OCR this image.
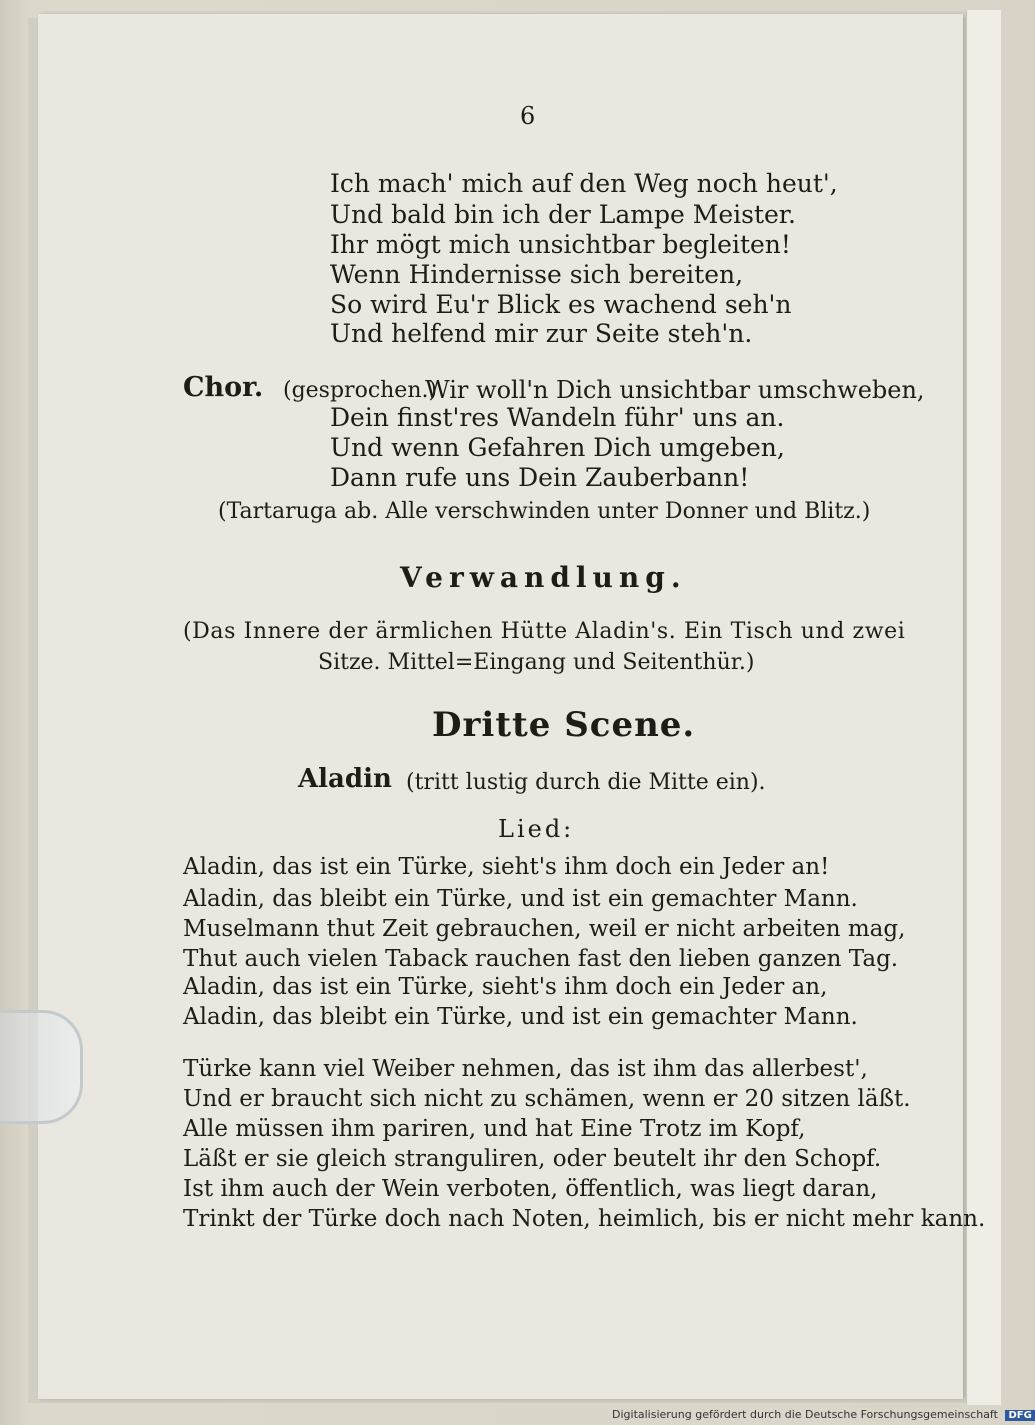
6
Ich mach' mich auf den Weg noch heut',
Und bald bin ich der Lampe Meister.
Ihr mögt mich unsichtbar begleiten!
Wenn Hindernisse sich bereiten,
So wird Eu'r Blick es wachend seh'n
Und helfend mir zur Seite steh'n.
Chor. (gesprochen.)
Wir woll'n Dich unsichtbar umschweben,
Dein finst'res Wandeln führ' uns an.
Und wenn Gefahren Dich umgeben,
Dann rufe uns Dein Zauberbann!
(Tartaruga ab. Alle verschwinden unter Donner und Blitz.)
Verwandlung.
(Das Innere der ärmlichen Hütte Aladin's. Ein Tisch und zwei
Sitze. Mittel=Eingang und Seitenthür.)
Dritte Scene.
Aladin (tritt lustig durch die Mitte ein).
Lied:
Aladin, das ist ein Türke, sieht's ihm doch ein Jeder an!
Aladin, das bleibt ein Türke, und ist ein gemachter Mann.
Muselmann thut Zeit gebrauchen, weil er nicht arbeiten mag,
Thut auch vielen Taback rauchen fast den lieben ganzen Tag.
Aladin, das ist ein Türke, sieht's ihm doch ein Jeder an,
Aladin, das bleibt ein Türke, und ist ein gemachter Mann.
Türke kann viel Weiber nehmen, das ist ihm das allerbest',
Und er braucht sich nicht zu schämen, wenn er 20 sitzen läßt.
Alle müssen ihm pariren, und hat Eine Trotz im Kopf,
Läßt er sie gleich stranguliren, oder beutelt ihr den Schopf.
Ist ihm auch der Wein verboten, öffentlich, was liegt daran,
Trinkt der Türke doch nach Noten, heimlich, bis er nicht mehr kann.
Digitalisierung gefördert durch die Deutsche Forschungsgemeinschaft DFG
